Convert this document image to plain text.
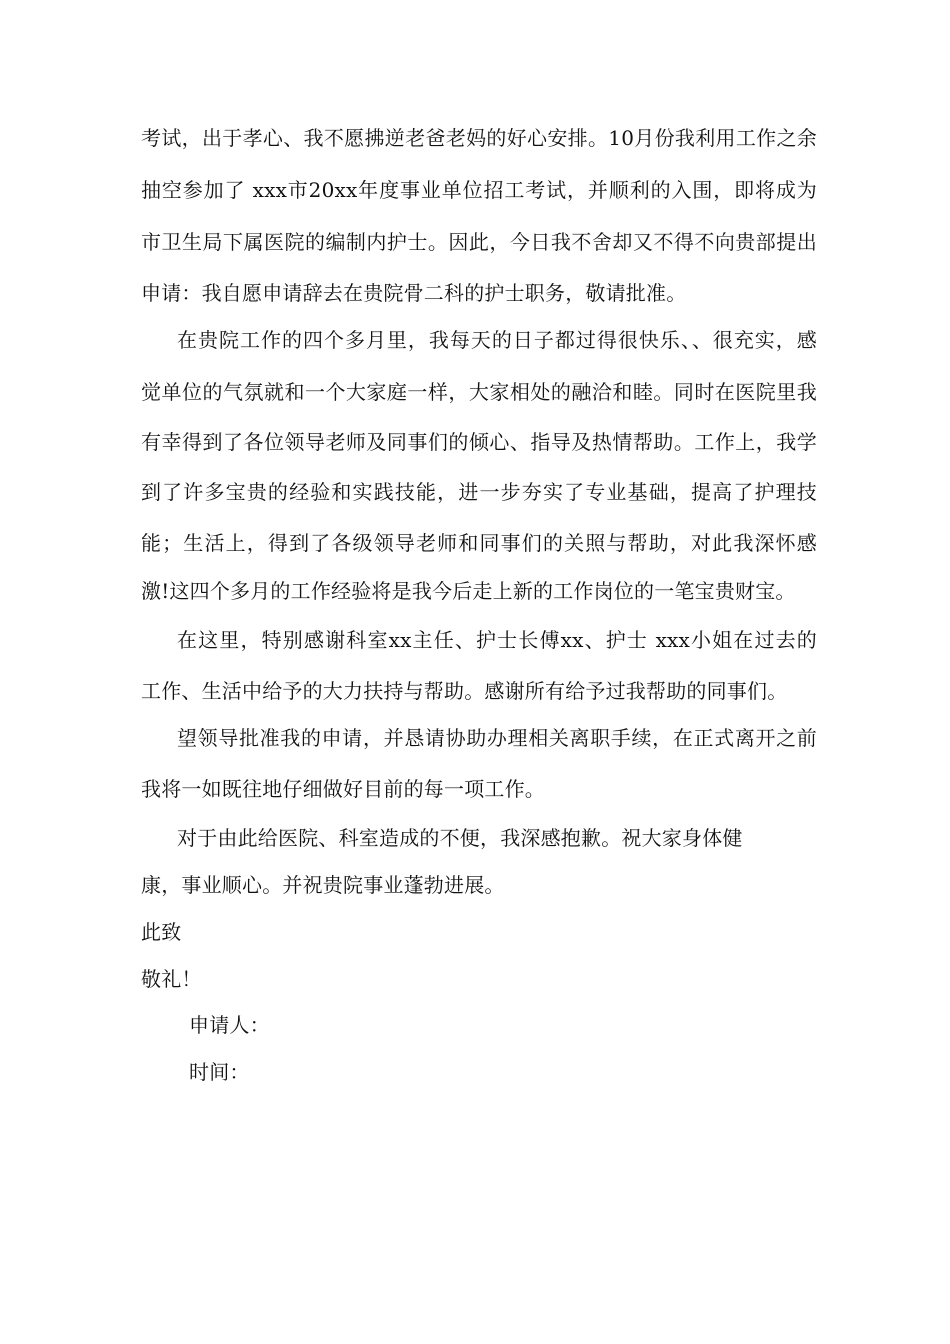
考试，出于孝心、我不愿拂逆老爸老妈的好心安排。10月份我利用工作之余
抽空参加了 xxx市20xx年度事业单位招工考试，并顺利的入围，即将成为
市卫生局下属医院的编制内护士。因此，今日我不舍却又不得不向贵部提出
申请：我自愿申请辞去在贵院骨二科的护士职务，敬请批准。
在贵院工作的四个多月里，我每天的日子都过得很快乐、、很充实，感
觉单位的气氛就和一个大家庭一样，大家相处的融洽和睦。同时在医院里我
有幸得到了各位领导老师及同事们的倾心、指导及热情帮助。工作上，我学
到了许多宝贵的经验和实践技能，进一步夯实了专业基础，提高了护理技
能；生活上，得到了各级领导老师和同事们的关照与帮助，对此我深怀感
激!这四个多月的工作经验将是我今后走上新的工作岗位的一笔宝贵财宝。
在这里，特别感谢科室xx主任、护士长傅xx、护士 xxx小姐在过去的
工作、生活中给予的大力扶持与帮助。感谢所有给予过我帮助的同事们。
望领导批准我的申请，并恳请协助办理相关离职手续，在正式离开之前
我将一如既往地仔细做好目前的每一项工作。
对于由此给医院、科室造成的不便，我深感抱歉。祝大家身体健
康，事业顺心。并祝贵院事业蓬勃进展。
此致
敬礼！
申请人：
时间：
